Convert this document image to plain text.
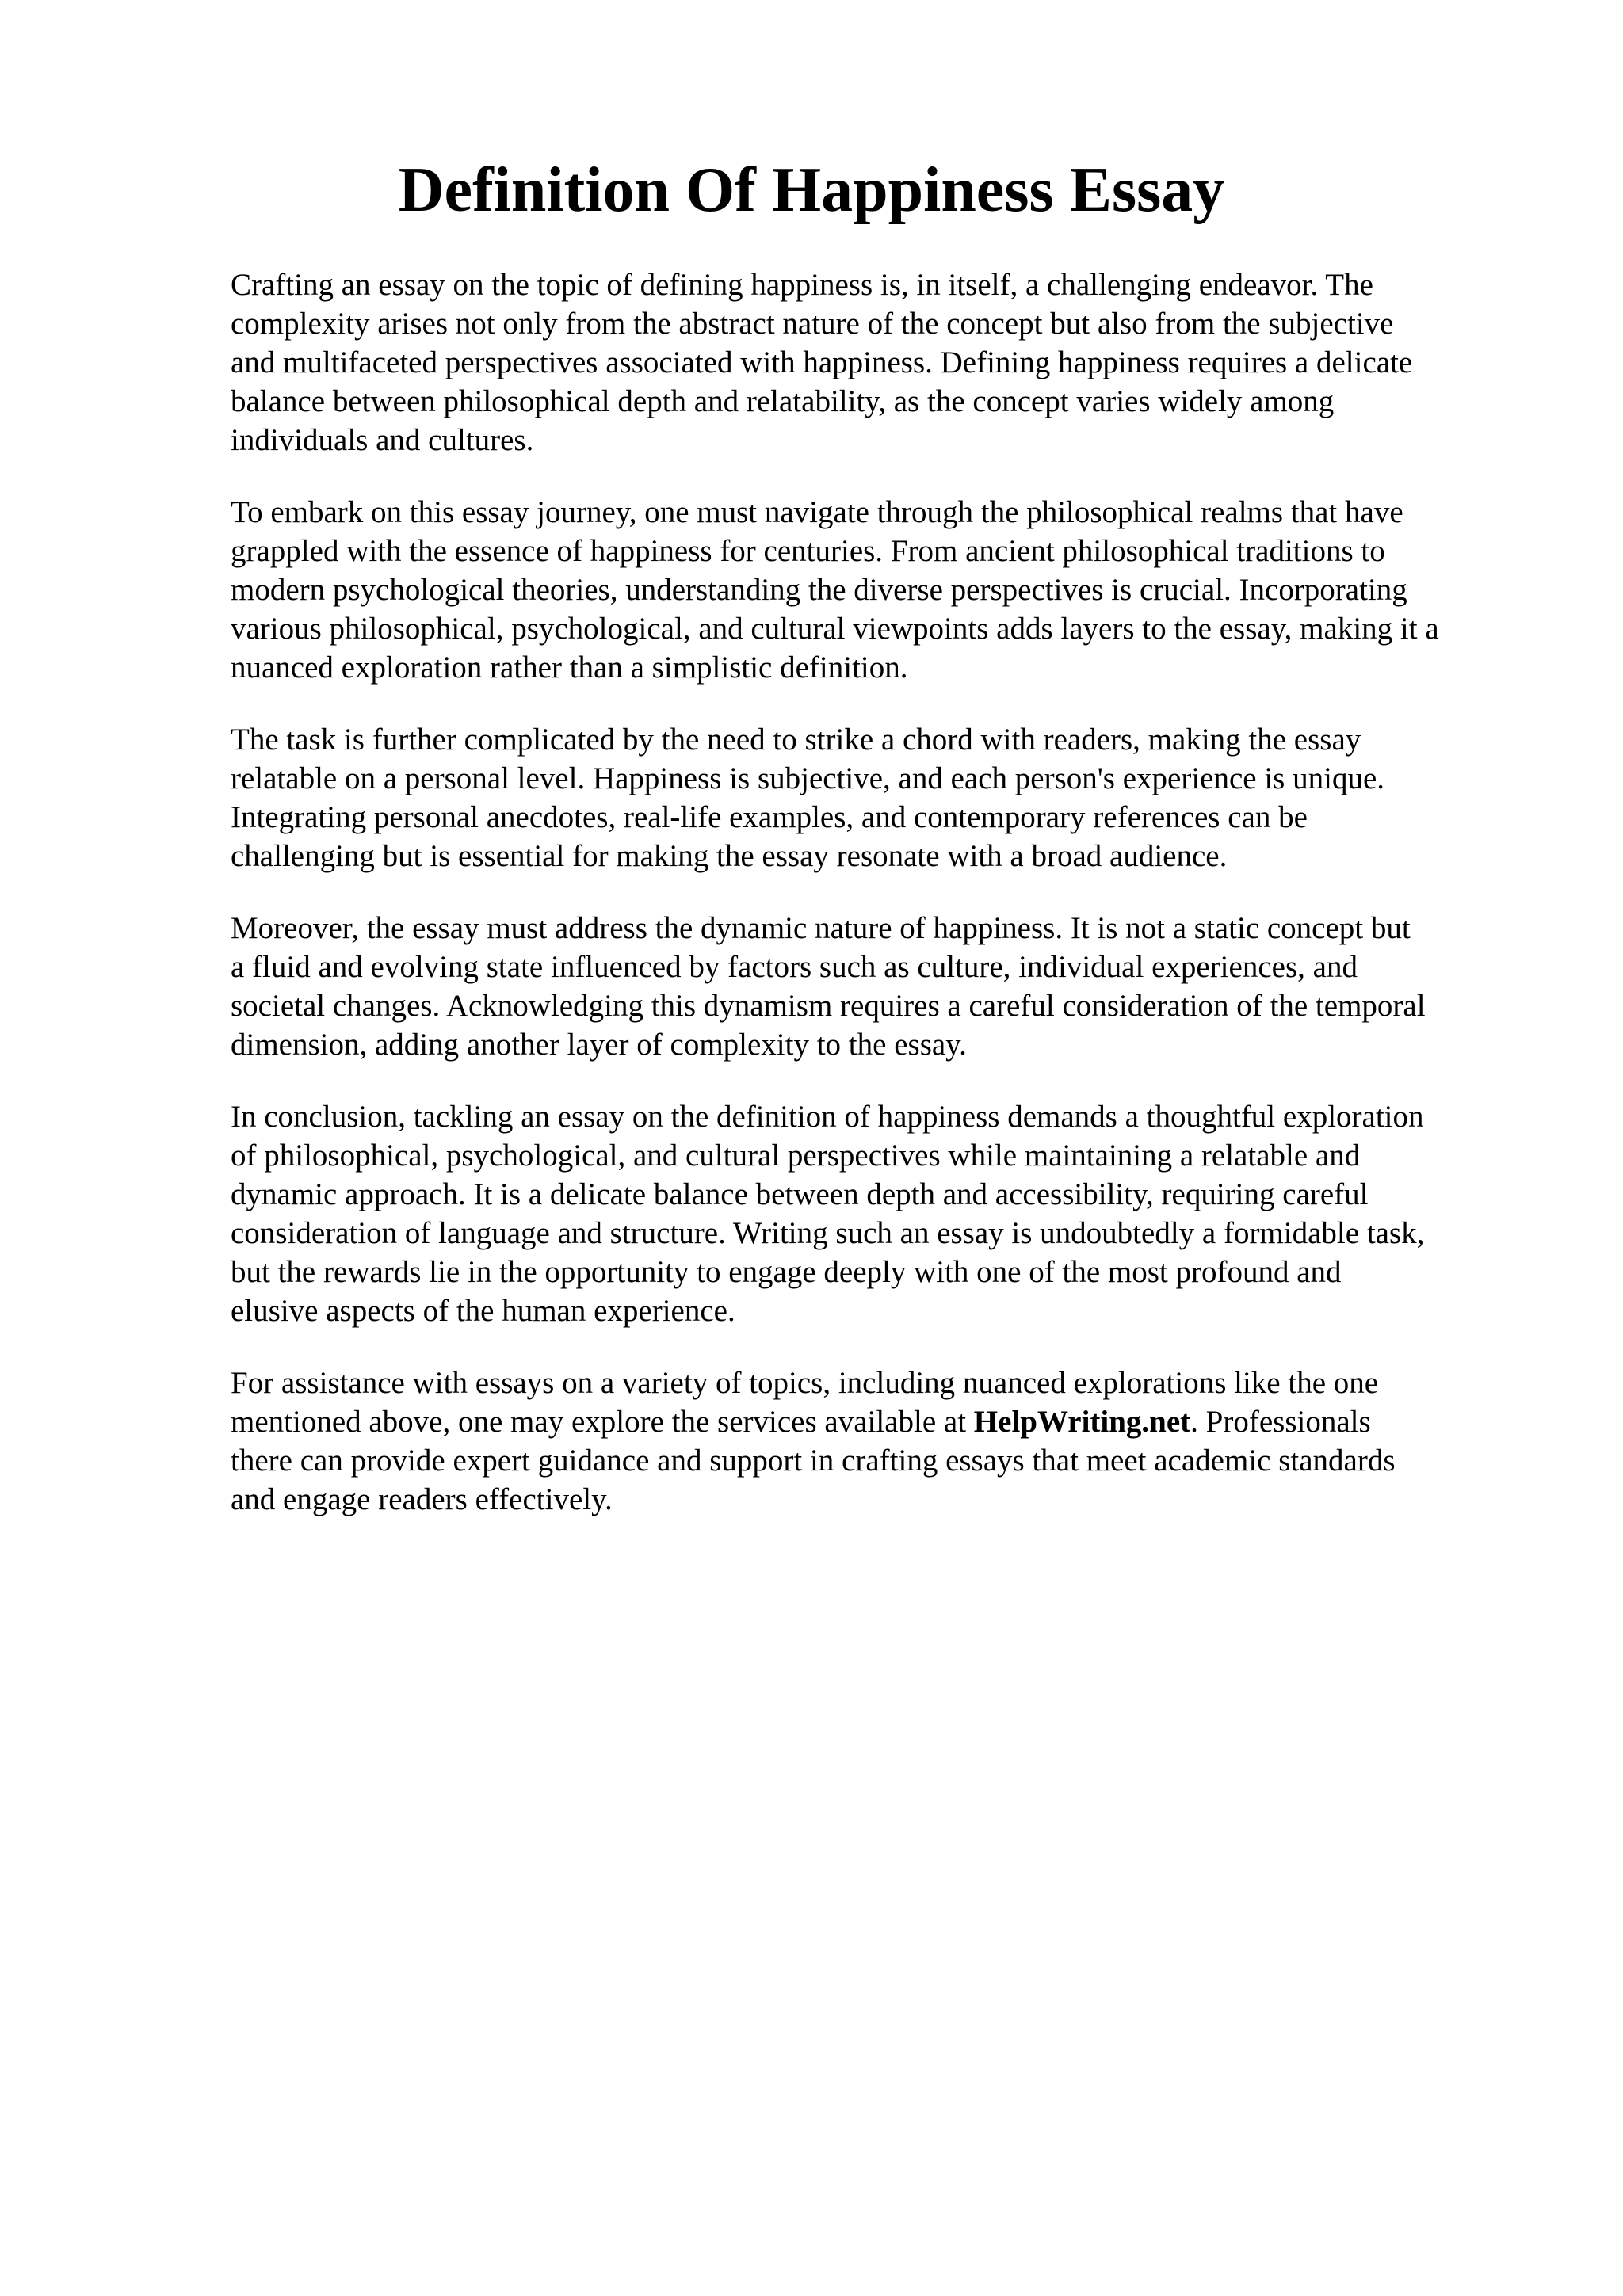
Definition Of Happiness Essay

Crafting an essay on the topic of defining happiness is, in itself, a challenging endeavor. The
complexity arises not only from the abstract nature of the concept but also from the subjective
and multifaceted perspectives associated with happiness. Defining happiness requires a delicate
balance between philosophical depth and relatability, as the concept varies widely among
individuals and cultures.

To embark on this essay journey, one must navigate through the philosophical realms that have
grappled with the essence of happiness for centuries. From ancient philosophical traditions to
modern psychological theories, understanding the diverse perspectives is crucial. Incorporating
various philosophical, psychological, and cultural viewpoints adds layers to the essay, making it a
nuanced exploration rather than a simplistic definition.

The task is further complicated by the need to strike a chord with readers, making the essay
relatable on a personal level. Happiness is subjective, and each person's experience is unique.
Integrating personal anecdotes, real-life examples, and contemporary references can be
challenging but is essential for making the essay resonate with a broad audience.

Moreover, the essay must address the dynamic nature of happiness. It is not a static concept but
a fluid and evolving state influenced by factors such as culture, individual experiences, and
societal changes. Acknowledging this dynamism requires a careful consideration of the temporal
dimension, adding another layer of complexity to the essay.

In conclusion, tackling an essay on the definition of happiness demands a thoughtful exploration
of philosophical, psychological, and cultural perspectives while maintaining a relatable and
dynamic approach. It is a delicate balance between depth and accessibility, requiring careful
consideration of language and structure. Writing such an essay is undoubtedly a formidable task,
but the rewards lie in the opportunity to engage deeply with one of the most profound and
elusive aspects of the human experience.

For assistance with essays on a variety of topics, including nuanced explorations like the one
mentioned above, one may explore the services available at HelpWriting.net. Professionals
there can provide expert guidance and support in crafting essays that meet academic standards
and engage readers effectively.
